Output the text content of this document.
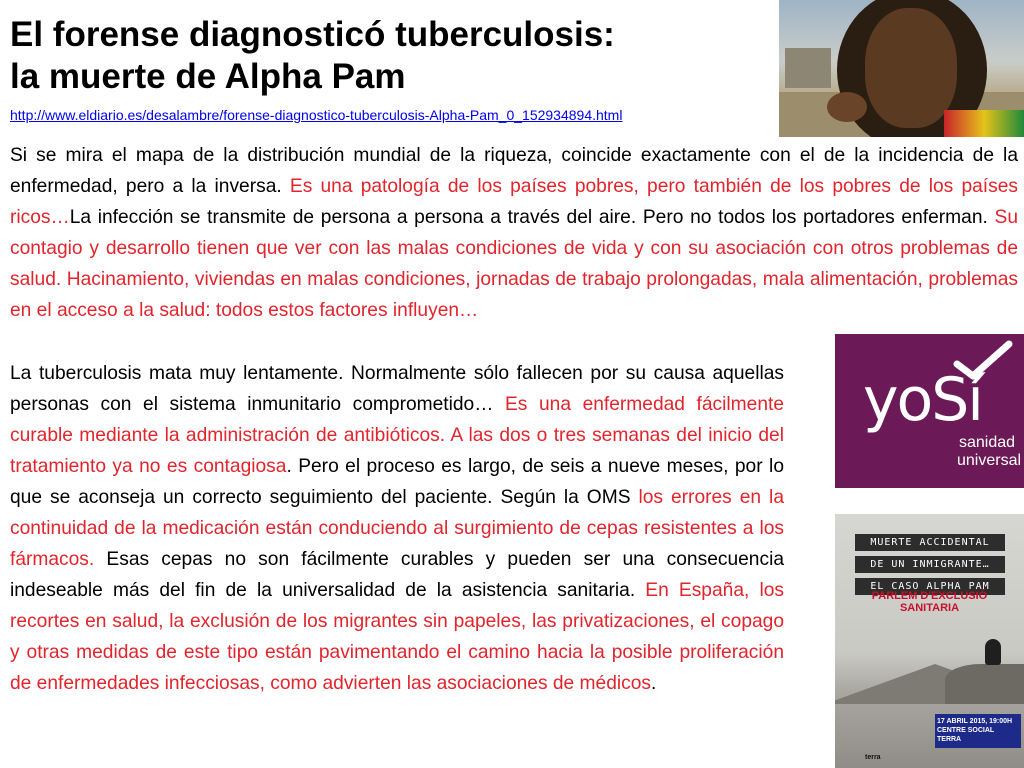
El forense diagnosticó tuberculosis:
la muerte de Alpha Pam
http://www.eldiario.es/desalambre/forense-diagnostico-tuberculosis-Alpha-Pam_0_152934894.html

Si se mira el mapa de la distribución mundial de la riqueza, coincide exactamente con el de la incidencia de la enfermedad, pero a la inversa. Es una patología de los países pobres, pero también de los pobres de los países ricos…La infección se transmite de persona a persona a través del aire. Pero no todos los portadores enferman. Su contagio y desarrollo tienen que ver con las malas condiciones de vida y con su asociación con otros problemas de salud. Hacinamiento, viviendas en malas condiciones, jornadas de trabajo prolongadas, mala alimentación, problemas en el acceso a la salud: todos estos factores influyen…

La tuberculosis mata muy lentamente. Normalmente sólo fallecen por su causa aquellas personas con el sistema inmunitario comprometido… Es una enfermedad fácilmente curable mediante la administración de antibióticos. A las dos o tres semanas del inicio del tratamiento ya no es contagiosa. Pero el proceso es largo, de seis a nueve meses, por lo que se aconseja un correcto seguimiento del paciente. Según la OMS los errores en la continuidad de la medicación están conduciendo al surgimiento de cepas resistentes a los fármacos. Esas cepas no son fácilmente curables y pueden ser una consecuencia indeseable más del fin de la universalidad de la asistencia sanitaria. En España, los recortes en salud, la exclusión de los migrantes sin papeles, las privatizaciones, el copago y otras medidas de este tipo están pavimentando el camino hacia la posible proliferación de enfermedades infecciosas, como advierten las asociaciones de médicos.

yoSí
sanidad
universal
MUERTE ACCIDENTAL
DE UN INMIGRANTE…
EL CASO ALPHA PAM
PARLEM D'EXCLUSIÓ
SANITARIA
17 ABRIL 2015, 19:00H CENTRE SOCIAL TERRA
terra
